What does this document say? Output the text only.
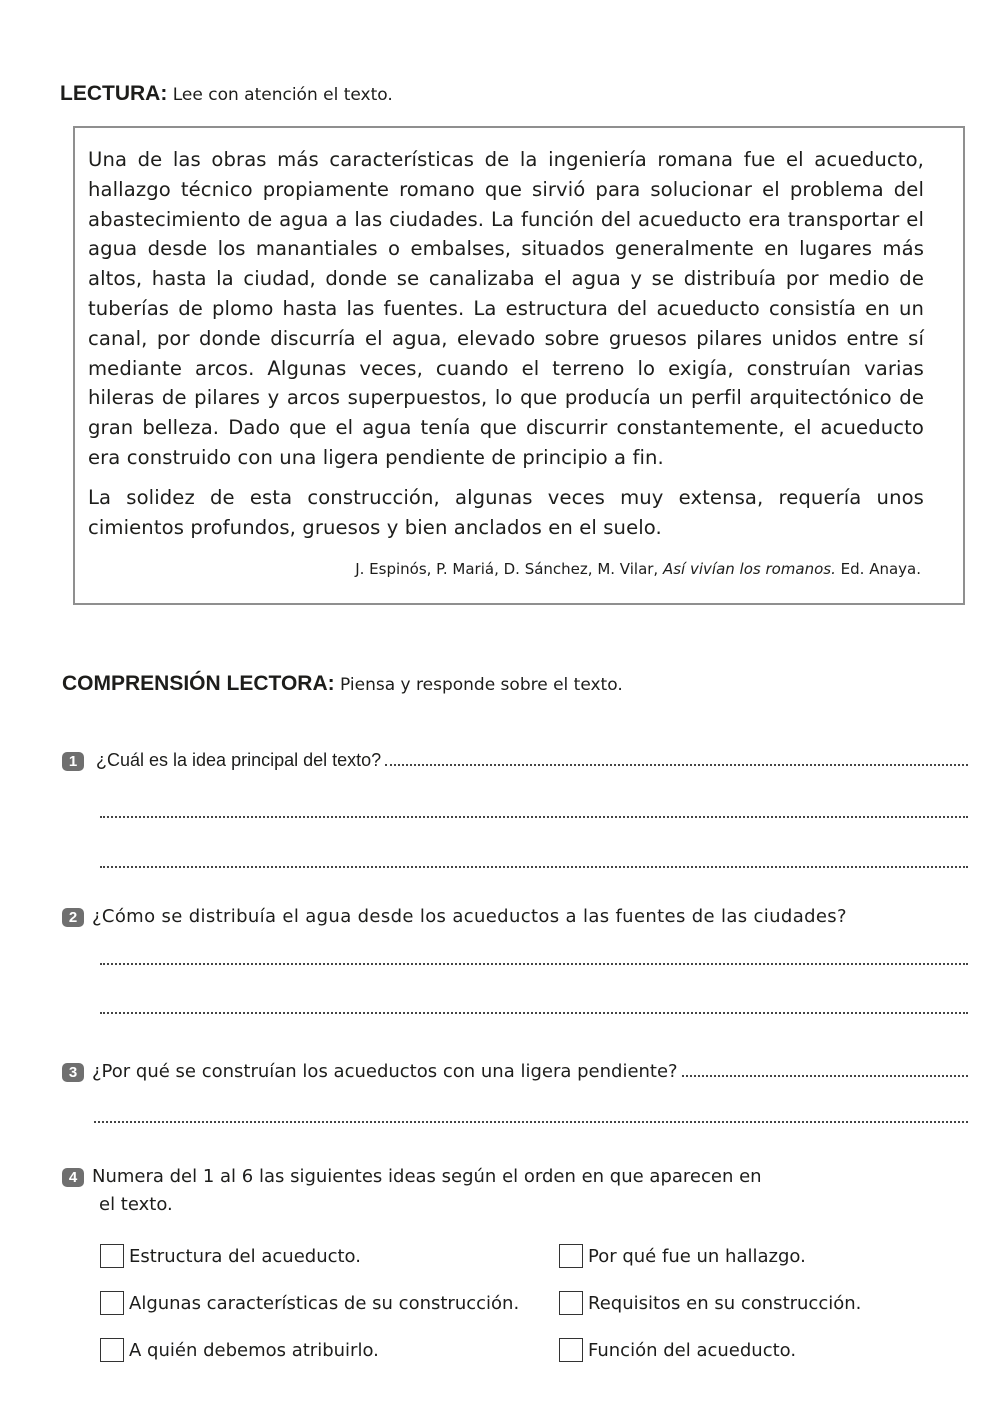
LECTURA: Lee con atención el texto.

Una de las obras más características de la ingeniería romana fue el acueducto, hallazgo técnico propiamente romano que sirvió para solucionar el problema del abastecimiento de agua a las ciudades. La función del acueducto era transportar el agua desde los manantiales o embalses, situados generalmente en lugares más altos, hasta la ciudad, donde se canalizaba el agua y se distribuía por medio de tuberías de plomo hasta las fuentes. La estructura del acueducto consistía en un canal, por donde discurría el agua, elevado sobre gruesos pilares unidos entre sí mediante arcos. Algunas veces, cuando el terreno lo exigía, construían varias hileras de pilares y arcos superpuestos, lo que producía un perfil arquitectónico de gran belleza. Dado que el agua tenía que discurrir constantemente, el acueducto era construido con una ligera pendiente de principio a fin.

La solidez de esta construcción, algunas veces muy extensa, requería unos cimientos profundos, gruesos y bien anclados en el suelo.

J. Espinós, P. Mariá, D. Sánchez, M. Vilar, Así vivían los romanos. Ed. Anaya.
COMPRENSIÓN LECTORA: Piensa y responde sobre el texto.
1	¿Cuál es la idea principal del texto?
2 ¿Cómo se distribuía el agua desde los acueductos a las fuentes de las ciudades?
3 ¿Por qué se construían los acueductos con una ligera pendiente?
4 Numera del 1 al 6 las siguientes ideas según el orden en que aparecen en
el texto.
Estructura del acueducto.
Algunas características de su construcción.
A quién debemos atribuirlo.
Por qué fue un hallazgo.
Requisitos en su construcción.
Función del acueducto.
